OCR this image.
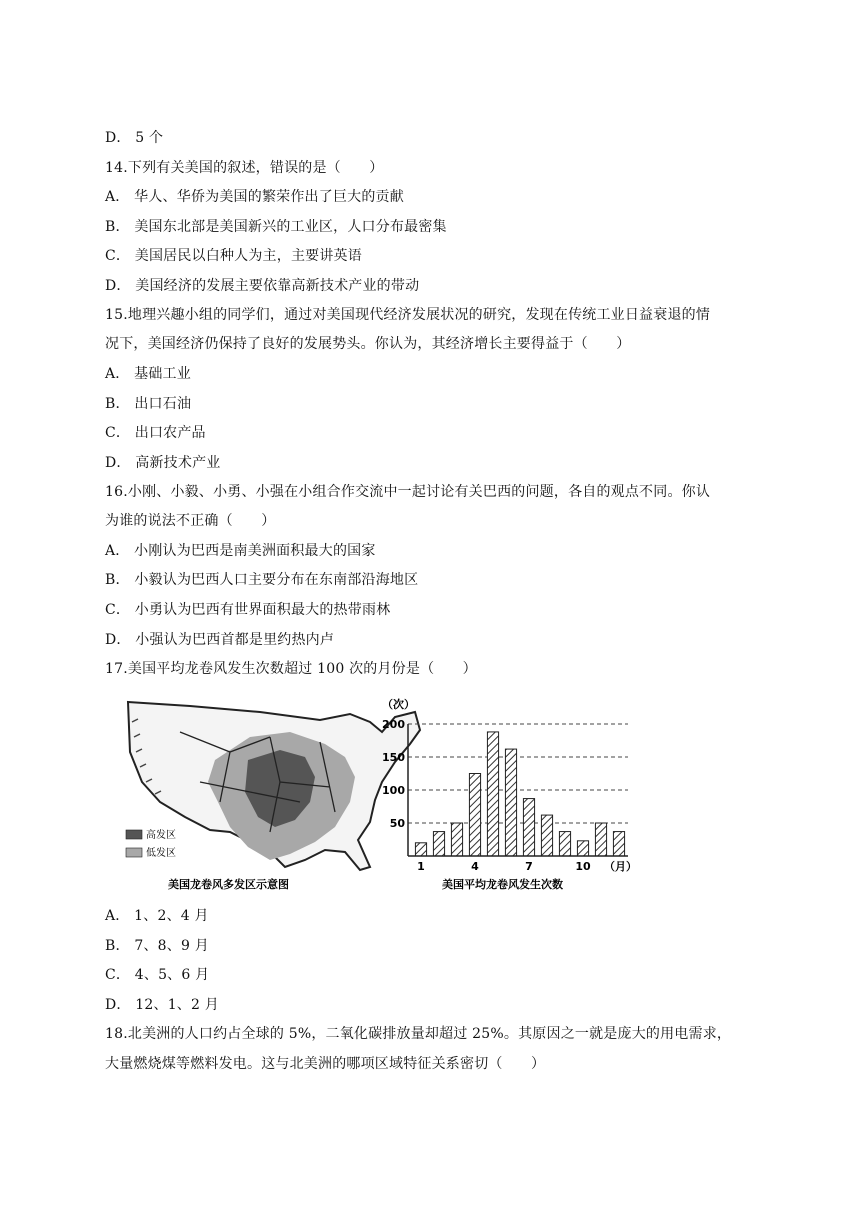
D． 5 个
14.下列有关美国的叙述，错误的是（　　）
A． 华人、华侨为美国的繁荣作出了巨大的贡献
B． 美国东北部是美国新兴的工业区，人口分布最密集
C． 美国居民以白种人为主，主要讲英语
D． 美国经济的发展主要依靠高新技术产业的带动
15.地理兴趣小组的同学们，通过对美国现代经济发展状况的研究，发现在传统工业日益衰退的情
况下，美国经济仍保持了良好的发展势头。你认为，其经济增长主要得益于（　　）
A． 基础工业
B． 出口石油
C． 出口农产品
D． 高新技术产业
16.小刚、小毅、小勇、小强在小组合作交流中一起讨论有关巴西的问题，各自的观点不同。你认
为谁的说法不正确（　　）
A． 小刚认为巴西是南美洲面积最大的国家
B． 小毅认为巴西人口主要分布在东南部沿海地区
C． 小勇认为巴西有世界面积最大的热带雨林
D． 小强认为巴西首都是里约热内卢
17.美国平均龙卷风发生次数超过 100 次的月份是（　　）
高发区
低发区
美国龙卷风多发区示意图
（次）
（月）
美国平均龙卷风发生次数
50
100
150
200
1	4	7	10
A． 1、2、4 月
B． 7、8、9 月
C． 4、5、6 月
D． 12、1、2 月
18.北美洲的人口约占全球的 5%，二氧化碳排放量却超过 25%。其原因之一就是庞大的用电需求，
大量燃烧煤等燃料发电。这与北美洲的哪项区域特征关系密切（　　）
